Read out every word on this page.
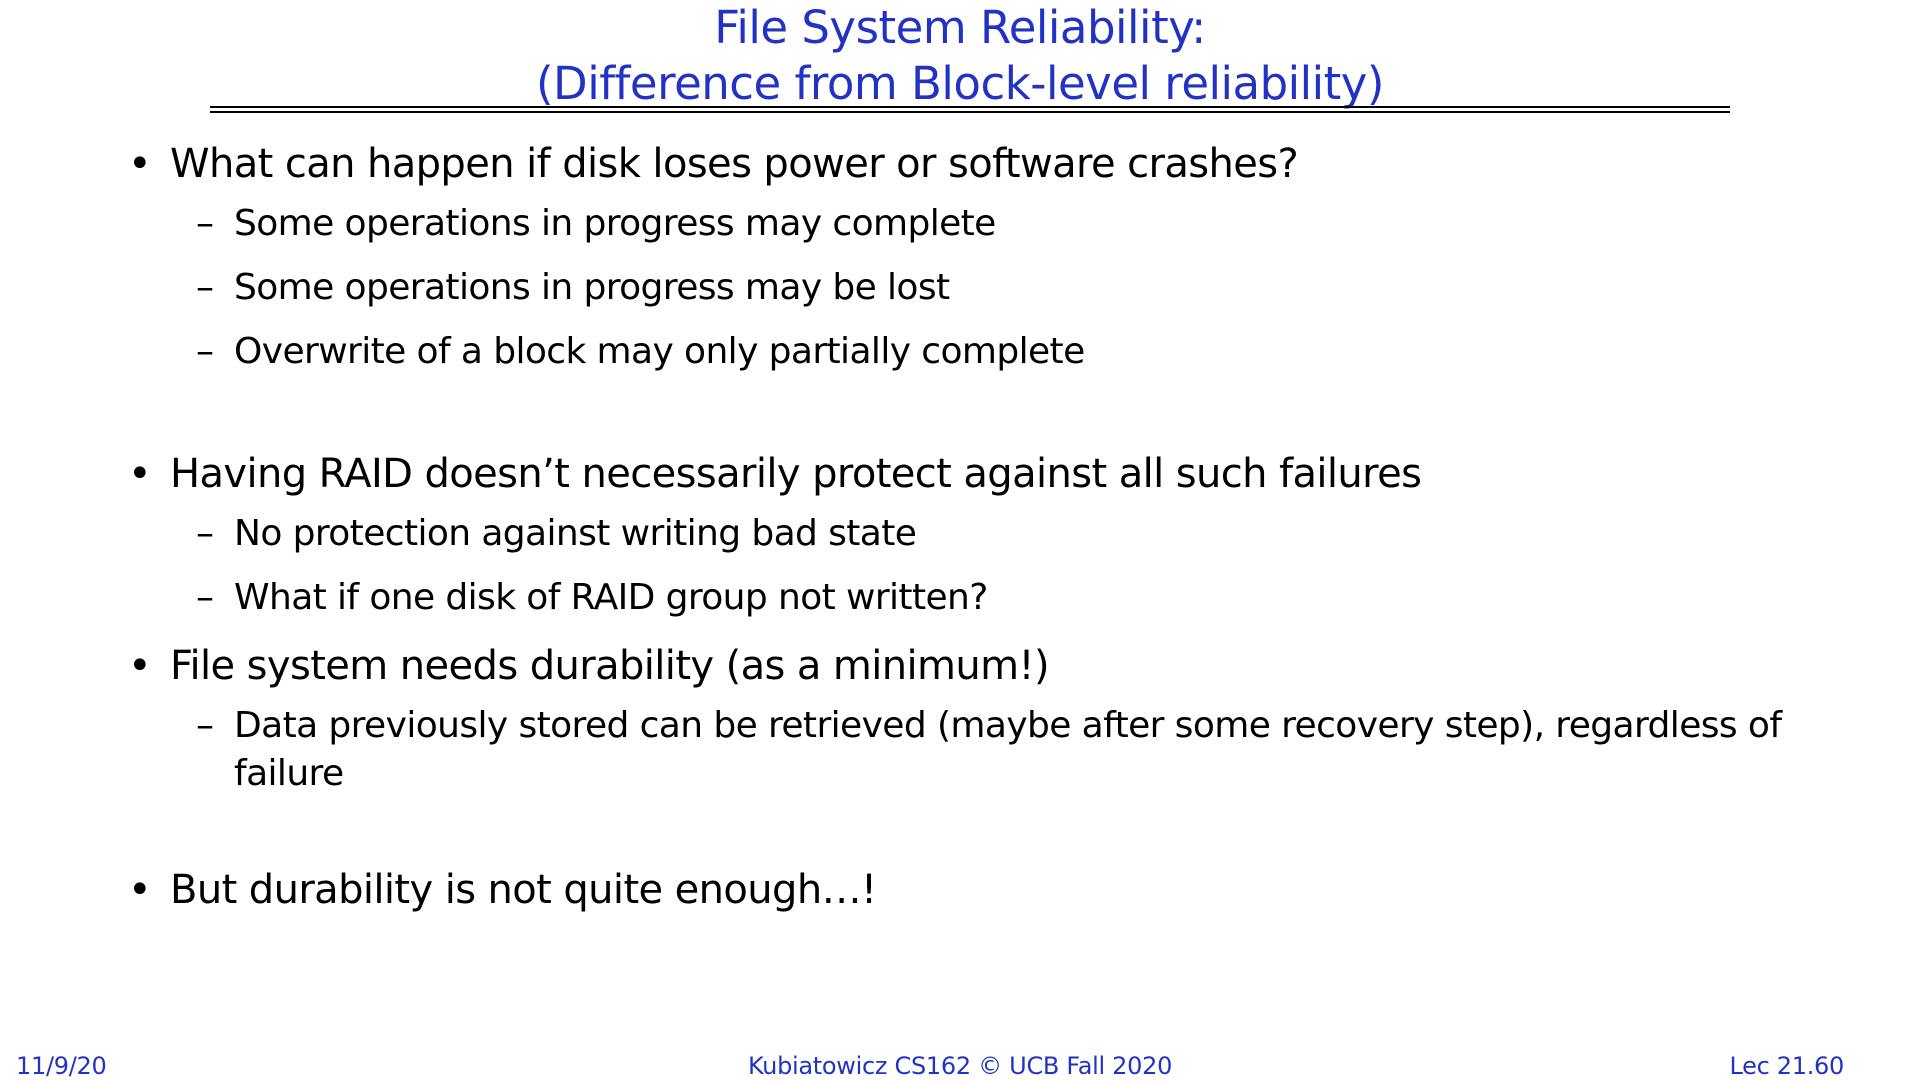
File System Reliability:
(Difference from Block-level reliability)
• What can happen if disk loses power or software crashes?
– Some operations in progress may complete
– Some operations in progress may be lost
– Overwrite of a block may only partially complete
• Having RAID doesn’t necessarily protect against all such failures
– No protection against writing bad state
– What if one disk of RAID group not written?
• File system needs durability (as a minimum!)
– Data previously stored can be retrieved (maybe after some recovery step), regardless of failure
• But durability is not quite enough…!
11/9/20	Kubiatowicz CS162 © UCB Fall 2020	Lec 21.60
